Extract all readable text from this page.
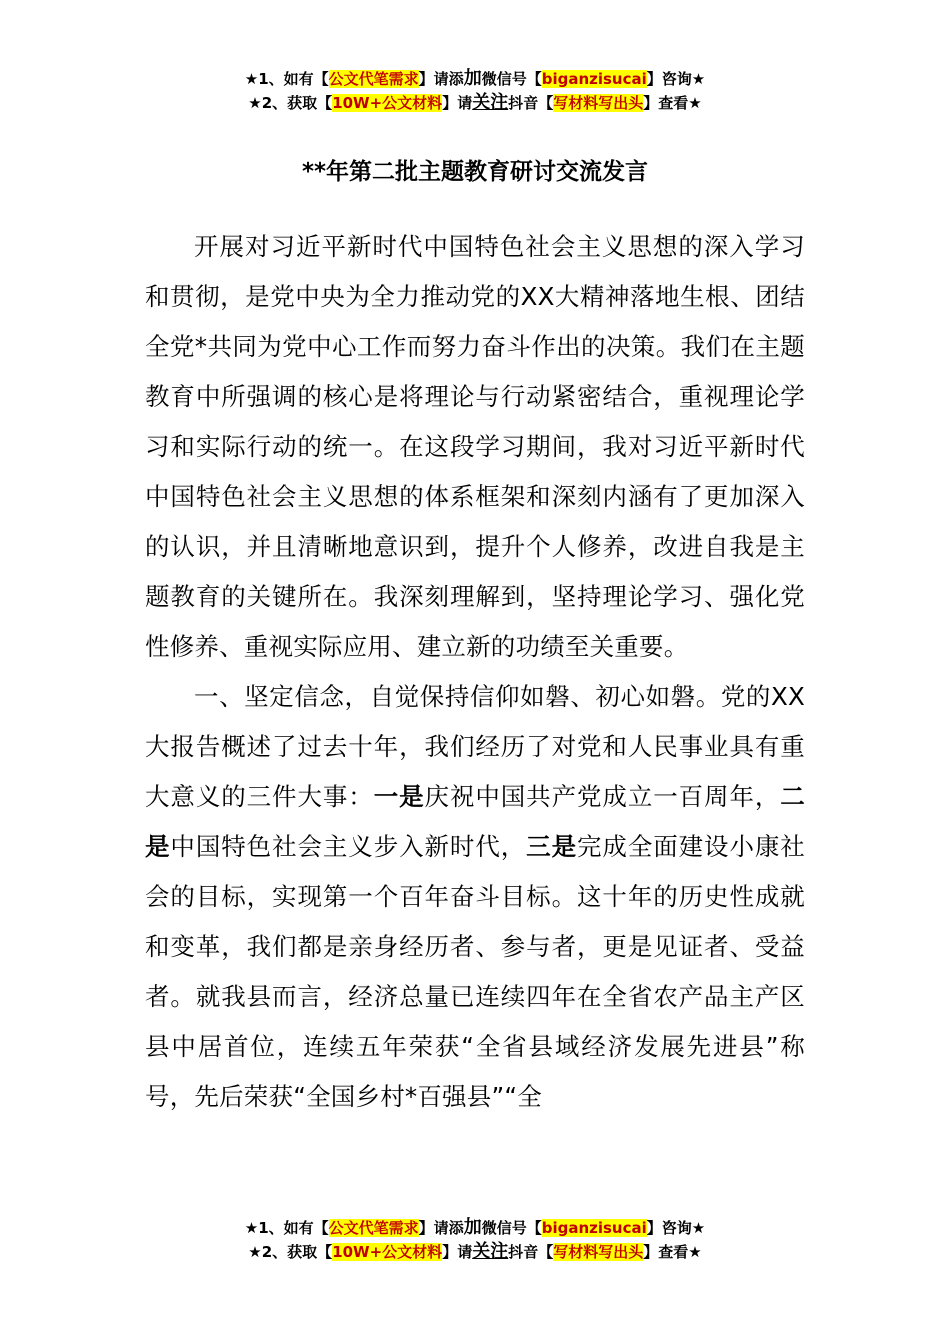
★1、如有【公文代笔需求】请添加微信号【biganzisucai】咨询★
★2、获取【10W+公文材料】请关注抖音【写材料写出头】查看★
**年第二批主题教育研讨交流发言

开展对习近平新时代中国特色社会主义思想的深入学习和贯彻，是党中央为全力推动党的XX大精神落地生根、团结全党*共同为党中心工作而努力奋斗作出的决策。我们在主题教育中所强调的核心是将理论与行动紧密结合，重视理论学习和实际行动的统一。在这段学习期间，我对习近平新时代中国特色社会主义思想的体系框架和深刻内涵有了更加深入的认识，并且清晰地意识到，提升个人修养，改进自我是主题教育的关键所在。我深刻理解到，坚持理论学习、强化党性修养、重视实际应用、建立新的功绩至关重要。

一、坚定信念，自觉保持信仰如磐、初心如磐。党的XX大报告概述了过去十年，我们经历了对党和人民事业具有重大意义的三件大事：一是庆祝中国共产党成立一百周年，二是中国特色社会主义步入新时代，三是完成全面建设小康社会的目标，实现第一个百年奋斗目标。这十年的历史性成就和变革，我们都是亲身经历者、参与者，更是见证者、受益者。就我县而言，经济总量已连续四年在全省农产品主产区县中居首位，连续五年荣获“全省县域经济发展先进县”称号，先后荣获“全国乡村*百强县”“全

★1、如有【公文代笔需求】请添加微信号【biganzisucai】咨询★
★2、获取【10W+公文材料】请关注抖音【写材料写出头】查看★
